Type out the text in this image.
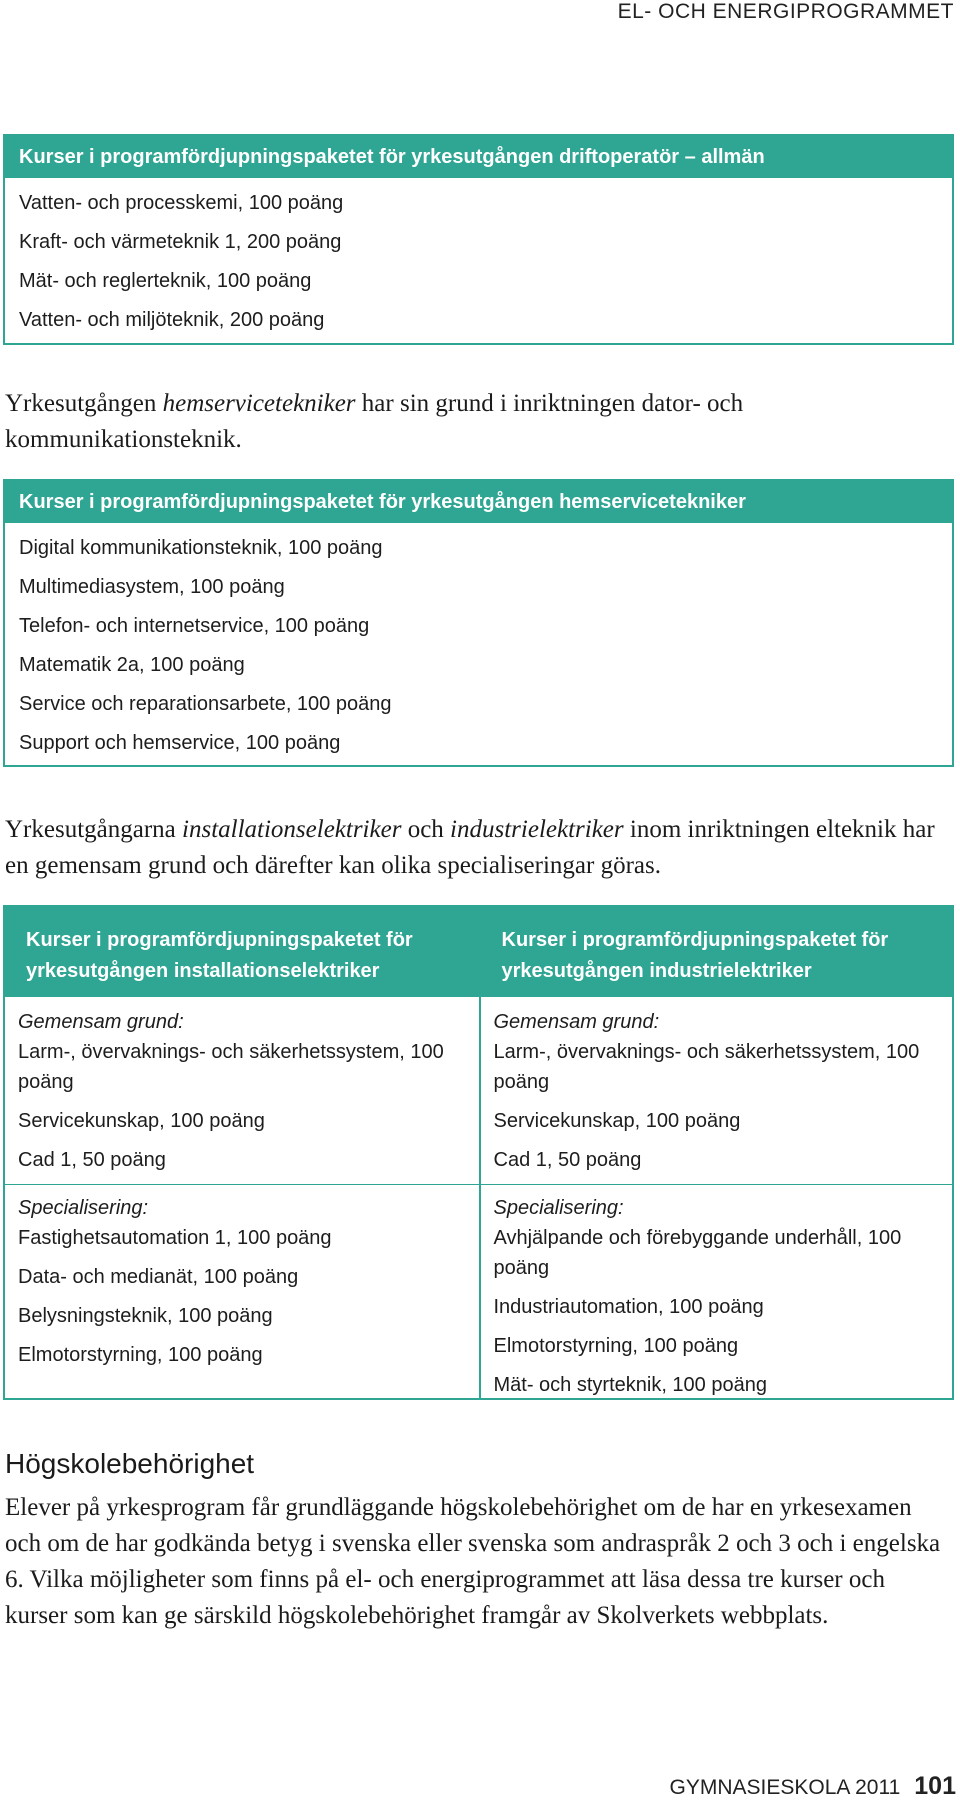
EL- OCH ENERGIPROGRAMMET
Kurser i programfördjupningspaketet för yrkesutgången driftoperatör – allmän
Vatten- och processkemi, 100 poäng
Kraft- och värmeteknik 1, 200 poäng
Mät- och reglerteknik, 100 poäng
Vatten- och miljöteknik, 200 poäng
Yrkesutgången hemservicetekniker har sin grund i inriktningen dator- och kommunikationsteknik.
Kurser i programfördjupningspaketet för yrkesutgången hemservicetekniker
Digital kommunikationsteknik, 100 poäng
Multimediasystem, 100 poäng
Telefon- och internetservice, 100 poäng
Matematik 2a, 100 poäng
Service och reparationsarbete, 100 poäng
Support och hemservice, 100 poäng
Yrkesutgångarna installationselektriker och industrielektriker inom inriktningen elteknik har en gemensam grund och därefter kan olika specialiseringar göras.
Kurser i programfördjupningspaketet för yrkesutgången installationselektriker
Gemensam grund:
Larm-, övervaknings- och säkerhetssystem, 100 poäng
Servicekunskap, 100 poäng
Cad 1, 50 poäng
Specialisering:
Fastighetsautomation 1, 100 poäng
Data- och medianät, 100 poäng
Belysningsteknik, 100 poäng
Elmotorstyrning, 100 poäng
Kurser i programfördjupningspaketet för yrkesutgången industrielektriker
Gemensam grund:
Larm-, övervaknings- och säkerhetssystem, 100 poäng
Servicekunskap, 100 poäng
Cad 1, 50 poäng
Specialisering:
Avhjälpande och förebyggande underhåll, 100 poäng
Industriautomation, 100 poäng
Elmotorstyrning, 100 poäng
Mät- och styrteknik, 100 poäng
Högskolebehörighet
Elever på yrkesprogram får grundläggande högskolebehörighet om de har en yrkesexamen och om de har godkända betyg i svenska eller svenska som andraspråk 2 och 3 och i engelska 6. Vilka möjligheter som finns på el- och energiprogrammet att läsa dessa tre kurser och kurser som kan ge särskild högskolebehörighet framgår av Skolverkets webbplats.
GYMNASIESKOLA 2011 101
